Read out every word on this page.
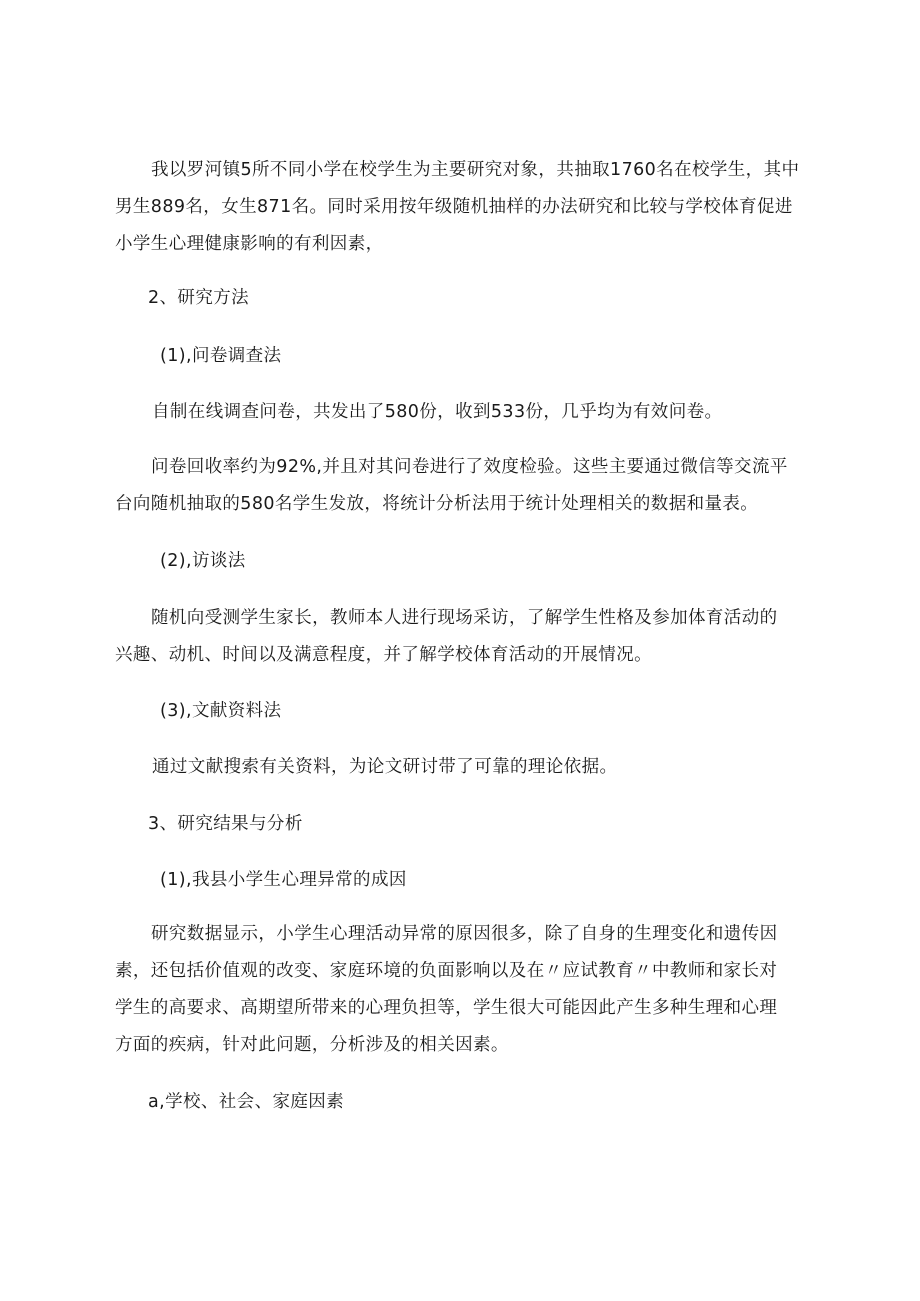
我以罗河镇5所不同小学在校学生为主要研究对象，共抽取1760名在校学生，其中
男生889名，女生871名。同时采用按年级随机抽样的办法研究和比较与学校体育促进
小学生心理健康影响的有利因素，

2、研究方法

(1),问卷调查法

自制在线调查问卷，共发出了580份，收到533份，几乎均为有效问卷。

问卷回收率约为92%,并且对其问卷进行了效度检验。这些主要通过微信等交流平
台向随机抽取的580名学生发放，将统计分析法用于统计处理相关的数据和量表。

(2),访谈法

随机向受测学生家长，教师本人进行现场采访，了解学生性格及参加体育活动的
兴趣、动机、时间以及满意程度，并了解学校体育活动的开展情况。

(3),文献资料法

通过文献搜索有关资料，为论文研讨带了可靠的理论依据。

3、研究结果与分析

(1),我县小学生心理异常的成因

研究数据显示，小学生心理活动异常的原因很多，除了自身的生理变化和遗传因
素，还包括价值观的改变、家庭环境的负面影响以及在〃应试教育〃中教师和家长对
学生的高要求、高期望所带来的心理负担等，学生很大可能因此产生多种生理和心理
方面的疾病，针对此问题，分析涉及的相关因素。

a,学校、社会、家庭因素
